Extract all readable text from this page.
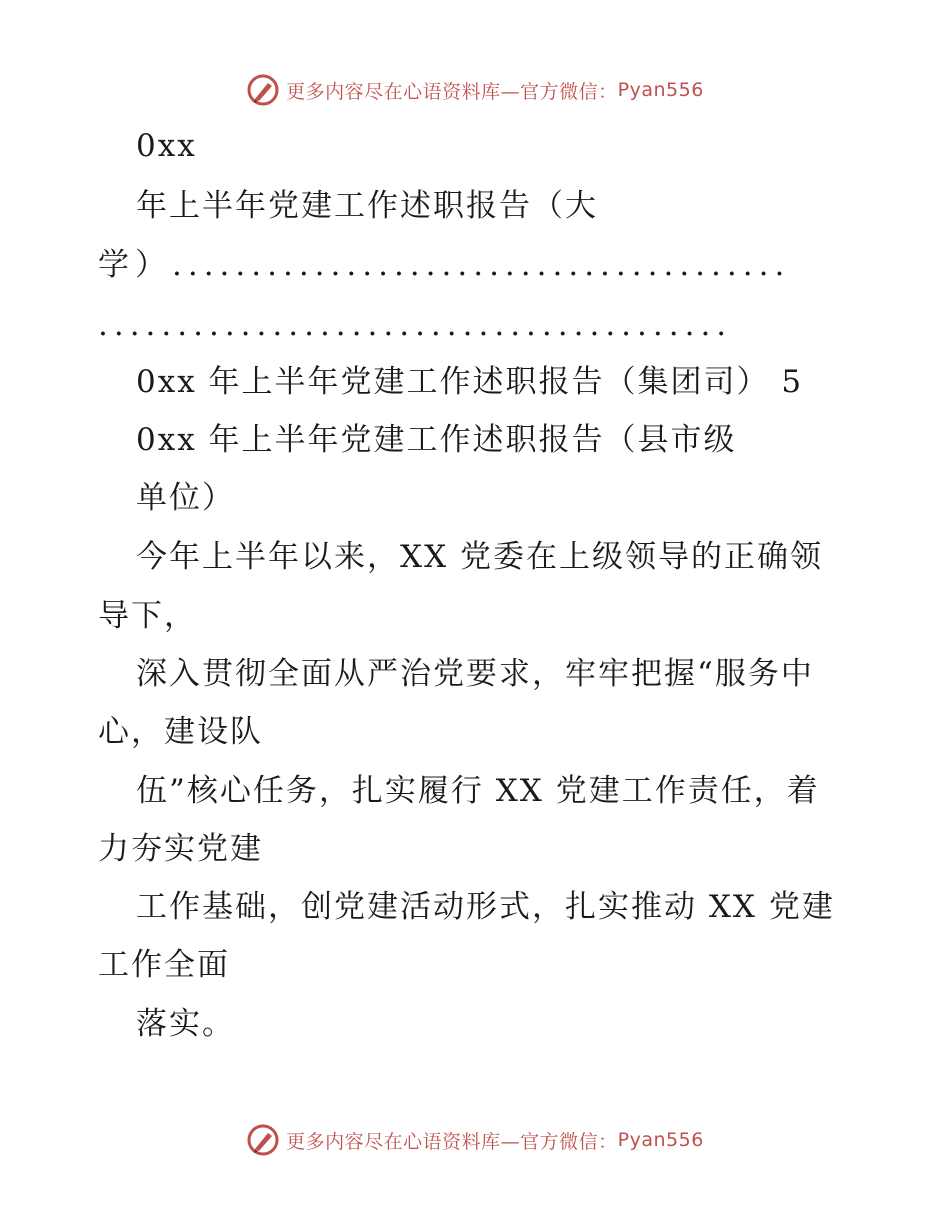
更多内容尽在心语资料库—官方微信： Pyan556
0xx
年上半年党建工作述职报告（大
学）.......................................
........................................
0xx 年上半年党建工作述职报告（集团司） 5
0xx 年上半年党建工作述职报告（县市级
单位）
今年上半年以来，XX 党委在上级领导的正确领
导下，
深入贯彻全面从严治党要求，牢牢把握“服务中
心，建设队
伍”核心任务，扎实履行 XX 党建工作责任，着
力夯实党建
工作基础，创党建活动形式，扎实推动 XX 党建
工作全面
落实。
更多内容尽在心语资料库—官方微信： Pyan556
